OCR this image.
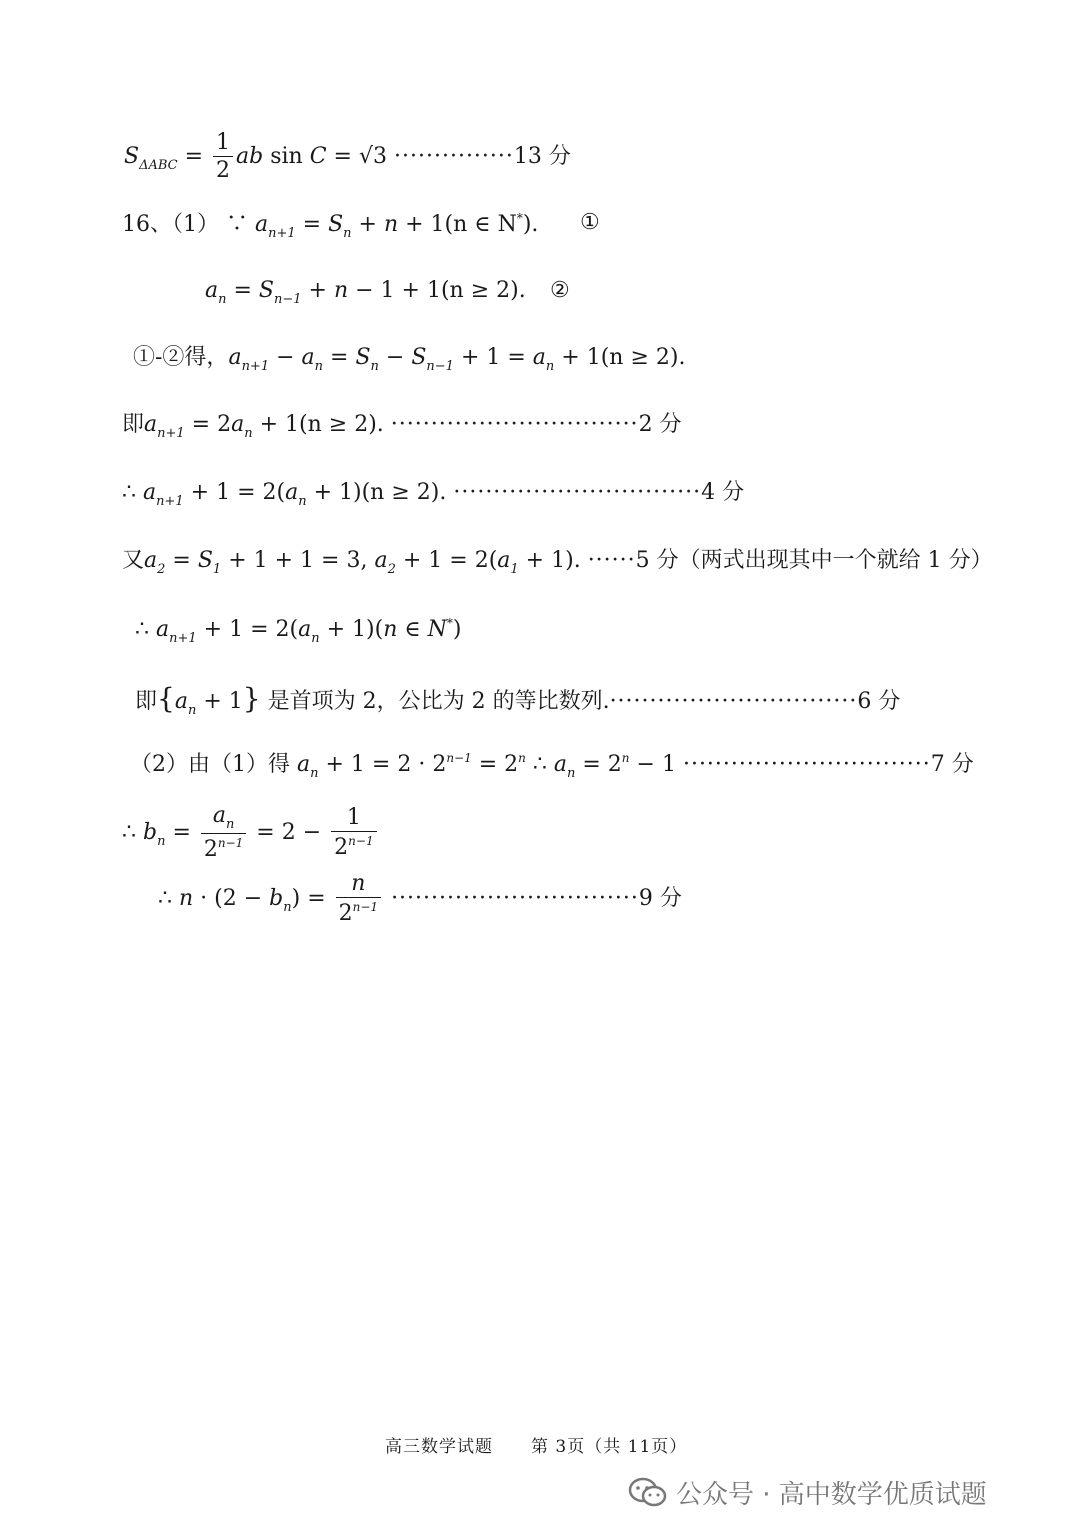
$S_{\Delta ABC} = \frac{1}{2}$ ab sin C = √3 ···············13 分
16、（1） ∵ $a_{n+1} = S_n + n + 1(n$ ∈ N*). ①
$a_n = S_{n-1} + n - 1 + 1(n \ge 2)$. ②
①-②得，$a_{n+1} - a_n = S_n - S_{n-1} + 1 = a_n + 1(n \ge 2)$.
即$a_{n+1} = 2a_n + 1(n \ge 2)$. ·······························2 分
∴ $a_{n+1} + 1 = 2(a_n + 1)(n \ge 2)$. ·······························4 分
又$a_2 = S_1 + 1 + 1 = 3$, $a_2 + 1 = 2(a_1 + 1)$. ······5 分（两式出现其中一个就给 1 分）
∴ $a_{n+1} + 1 = 2(a_n + 1)(n$ ∈ N*)
即$\{a_n + 1\}$ 是首项为 2，公比为 2 的等比数列.·······························6 分
（2）由（1）得 $a_n + 1 = 2 \cdot 2^{n-1} = 2^n$ ∴ $a_n = 2^n - 1 \cdot\cdot\cdot\cdot\cdot\cdot\cdot\cdot\cdot\cdot\cdot\cdot\cdot\cdot\cdot\cdot\cdot\cdot\cdot\cdot\cdot\cdot\cdot\cdot\cdot\cdot\cdot\cdot\cdot\cdot\cdot 7$ 分
∴ $b_n = \frac{a_n}{2^{n-1}} = 2 - \frac{1}{2^{n-1}}$
∴ $n \cdot (2 - b_n) = \frac{n}{2^{n-1}} \cdot\cdot\cdot\cdot\cdot\cdot\cdot\cdot\cdot\cdot\cdot\cdot\cdot\cdot\cdot\cdot\cdot\cdot\cdot\cdot\cdot\cdot\cdot\cdot\cdot\cdot\cdot\cdot\cdot\cdot\cdot 9$ 分
高三数学试题 第 3页（共 11页）
公众号 · 高中数学优质试题
